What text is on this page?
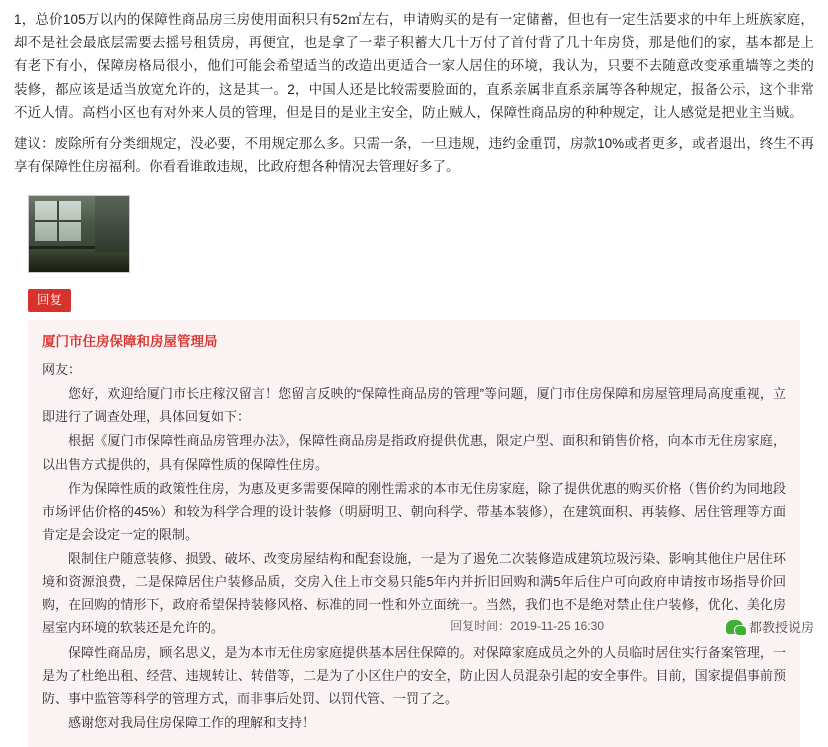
1，总价105万以内的保障性商品房三房使用面积只有52㎡左右，申请购买的是有一定储蓄，但也有一定生活要求的中年上班族家庭，却不是社会最底层需要去摇号租赁房，再便宜，也是拿了一辈子积蓄大几十万付了首付背了几十年房贷，那是他们的家，基本都是上有老下有小，保障房格局很小，他们可能会希望适当的改造出更适合一家人居住的环境，我认为，只要不去随意改变承重墙等之类的装修，都应该是适当放宽允许的，这是其一。2，中国人还是比较需要脸面的，直系亲属非直系亲属等各种规定，报备公示，这个非常不近人情。高档小区也有对外来人员的管理，但是目的是业主安全，防止贼人，保障性商品房的种种规定，让人感觉是把业主当贼。

建议：废除所有分类细规定，没必要，不用规定那么多。只需一条，一旦违规，违约金重罚，房款10%或者更多，或者退出，终生不再享有保障性住房福利。你看看谁敢违规，比政府想各种情况去管理好多了。
回复
厦门市住房保障和房屋管理局

网友：

您好，欢迎给厦门市长庄稼汉留言！您留言反映的“保障性商品房的管理”等问题，厦门市住房保障和房屋管理局高度重视，立即进行了调查处理，具体回复如下：

根据《厦门市保障性商品房管理办法》，保障性商品房是指政府提供优惠，限定户型、面积和销售价格，向本市无住房家庭，以出售方式提供的，具有保障性质的保障性住房。

作为保障性质的政策性住房，为惠及更多需要保障的刚性需求的本市无住房家庭，除了提供优惠的购买价格（售价约为同地段市场评估价格的45%）和较为科学合理的设计装修（明厨明卫、朝向科学、带基本装修），在建筑面积、再装修、居住管理等方面肯定是会设定一定的限制。

限制住户随意装修、损毁、破坏、改变房屋结构和配套设施，一是为了遏免二次装修造成建筑垃圾污染、影响其他住户居住环境和资源浪费，二是保障居住户装修品质，交房入住上市交易只能5年内并折旧回购和满5年后住户可向政府申请按市场指导价回购，在回购的情形下，政府希望保持装修风格、标准的同一性和外立面统一。当然，我们也不是绝对禁止住户装修，优化、美化房屋室内环境的软装还是允许的。

保障性商品房，顾名思义，是为本市无住房家庭提供基本居住保障的。对保障家庭成员之外的人员临时居住实行备案管理，一是为了杜绝出租、经营、违规转让、转借等，二是为了小区住户的安全，防止因人员混杂引起的安全事件。目前，国家提倡事前预防、事中监管等科学的管理方式，而非事后处罚、以罚代管、一罚了之。

感谢您对我局住房保障工作的理解和支持！

回复时间：2019-11-25 16:30	都教授说房
